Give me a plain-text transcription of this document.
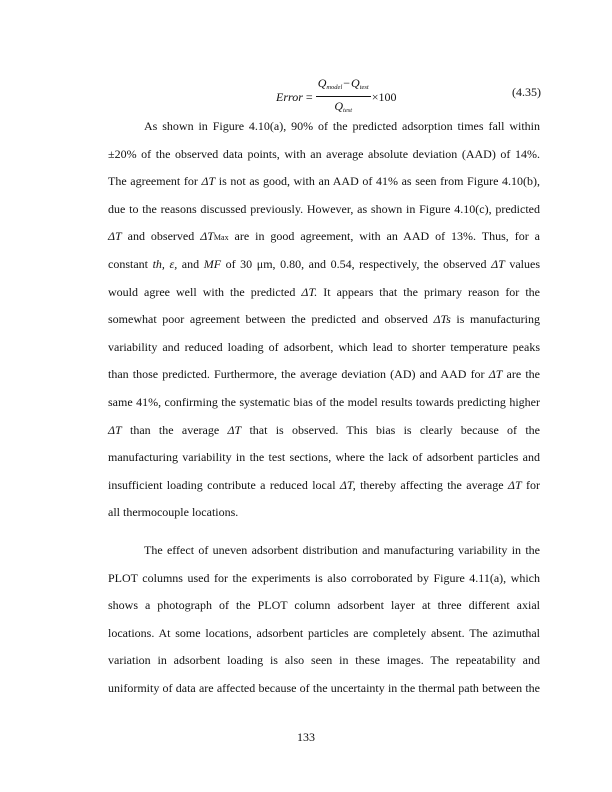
Error = $\frac{\text{Qmodel−Qtest}}{\text{Qtest}} \times 100$	(4.35)
As shown in Figure 4.10(a), 90% of the predicted adsorption times fall within
±20% of the observed data points, with an average absolute deviation (AAD) of 14%.
The agreement for ΔT is not as good, with an AAD of 41% as seen from Figure 4.10(b),
due to the reasons discussed previously. However, as shown in Figure 4.10(c), predicted
ΔT and observed ΔTMax are in good agreement, with an AAD of 13%. Thus, for a
constant th, ε, and MF of 30 μm, 0.80, and 0.54, respectively, the observed ΔT values
would agree well with the predicted ΔT. It appears that the primary reason for the
somewhat poor agreement between the predicted and observed ΔTs is manufacturing
variability and reduced loading of adsorbent, which lead to shorter temperature peaks
than those predicted. Furthermore, the average deviation (AD) and AAD for ΔT are the
same 41%, confirming the systematic bias of the model results towards predicting higher
ΔT than the average ΔT that is observed. This bias is clearly because of the
manufacturing variability in the test sections, where the lack of adsorbent particles and
insufficient loading contribute a reduced local ΔT, thereby affecting the average ΔT for
all thermocouple locations.
The effect of uneven adsorbent distribution and manufacturing variability in the
PLOT columns used for the experiments is also corroborated by Figure 4.11(a), which
shows a photograph of the PLOT column adsorbent layer at three different axial
locations. At some locations, adsorbent particles are completely absent. The azimuthal
variation in adsorbent loading is also seen in these images. The repeatability and
uniformity of data are affected because of the uncertainty in the thermal path between the
133
